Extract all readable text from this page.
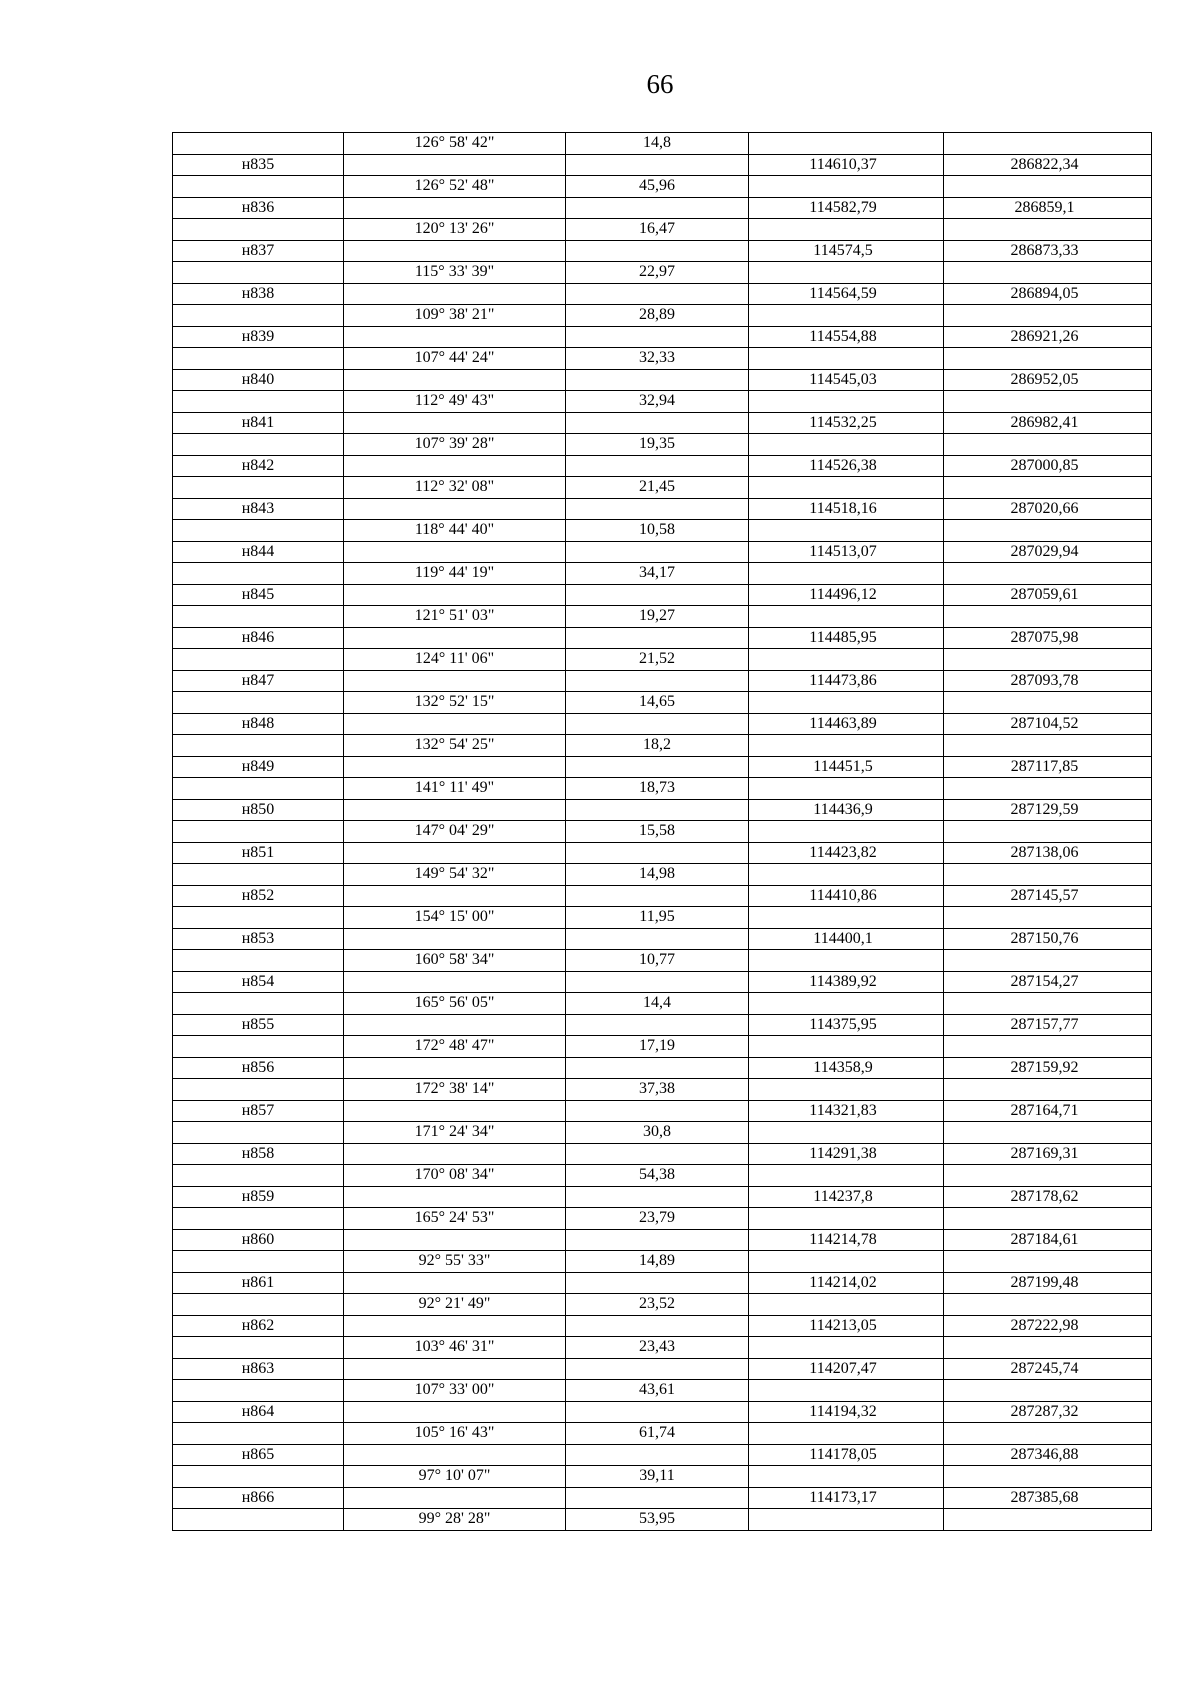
66
	126° 58' 42"	14,8		
н835			114610,37	286822,34
	126° 52' 48"	45,96		
н836			114582,79	286859,1
	120° 13' 26"	16,47		
н837			114574,5	286873,33
	115° 33' 39"	22,97		
н838			114564,59	286894,05
	109° 38' 21"	28,89		
н839			114554,88	286921,26
	107° 44' 24"	32,33		
н840			114545,03	286952,05
	112° 49' 43"	32,94		
н841			114532,25	286982,41
	107° 39' 28"	19,35		
н842			114526,38	287000,85
	112° 32' 08"	21,45		
н843			114518,16	287020,66
	118° 44' 40"	10,58		
н844			114513,07	287029,94
	119° 44' 19"	34,17		
н845			114496,12	287059,61
	121° 51' 03"	19,27		
н846			114485,95	287075,98
	124° 11' 06"	21,52		
н847			114473,86	287093,78
	132° 52' 15"	14,65		
н848			114463,89	287104,52
	132° 54' 25"	18,2		
н849			114451,5	287117,85
	141° 11' 49"	18,73		
н850			114436,9	287129,59
	147° 04' 29"	15,58		
н851			114423,82	287138,06
	149° 54' 32"	14,98		
н852			114410,86	287145,57
	154° 15' 00"	11,95		
н853			114400,1	287150,76
	160° 58' 34"	10,77		
н854			114389,92	287154,27
	165° 56' 05"	14,4		
н855			114375,95	287157,77
	172° 48' 47"	17,19		
н856			114358,9	287159,92
	172° 38' 14"	37,38		
н857			114321,83	287164,71
	171° 24' 34"	30,8		
н858			114291,38	287169,31
	170° 08' 34"	54,38		
н859			114237,8	287178,62
	165° 24' 53"	23,79		
н860			114214,78	287184,61
	92° 55' 33"	14,89		
н861			114214,02	287199,48
	92° 21' 49"	23,52		
н862			114213,05	287222,98
	103° 46' 31"	23,43		
н863			114207,47	287245,74
	107° 33' 00"	43,61		
н864			114194,32	287287,32
	105° 16' 43"	61,74		
н865			114178,05	287346,88
	97° 10' 07"	39,11		
н866			114173,17	287385,68
	99° 28' 28"	53,95		
